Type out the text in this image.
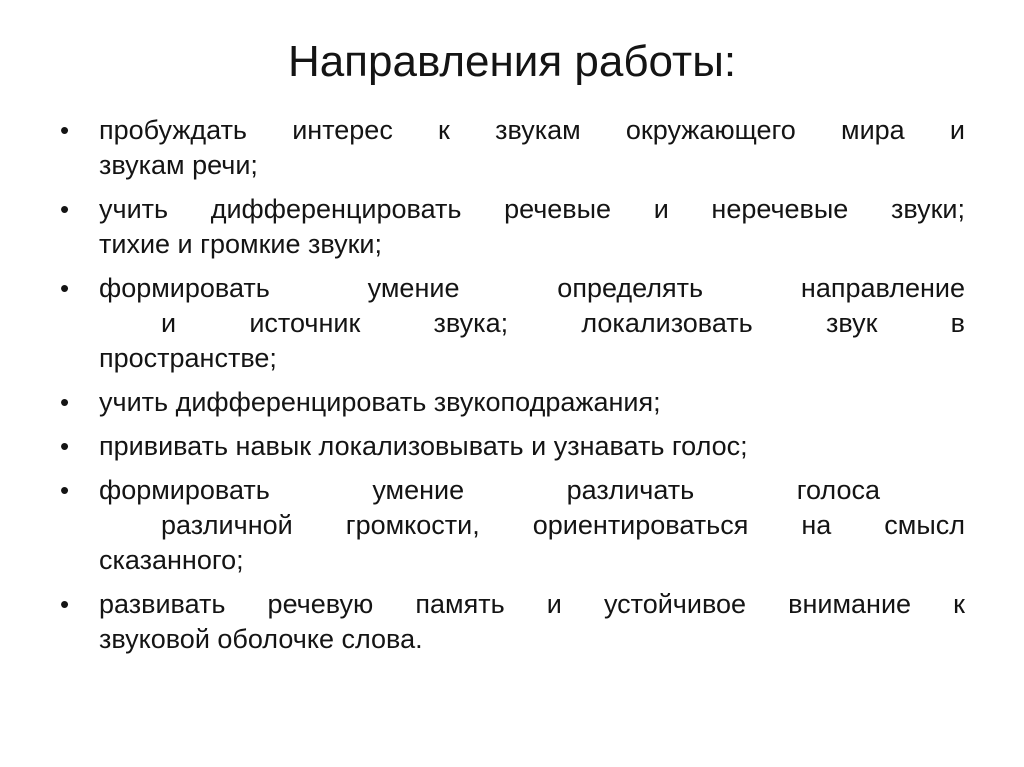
Направления работы:
• пробуждать интерес к звукам окружающего мира и
звукам речи;
• учить дифференцировать речевые и неречевые звуки;
тихие и громкие звуки;
• формировать умение определять направление
и источник звука; локализовать звук в
пространстве;
• учить дифференцировать звукоподражания;
• прививать навык локализовывать и узнавать голос;
• формировать умение различать голоса
различной громкости, ориентироваться на смысл
сказанного;
• развивать речевую память и устойчивое внимание к
звуковой оболочке слова.
